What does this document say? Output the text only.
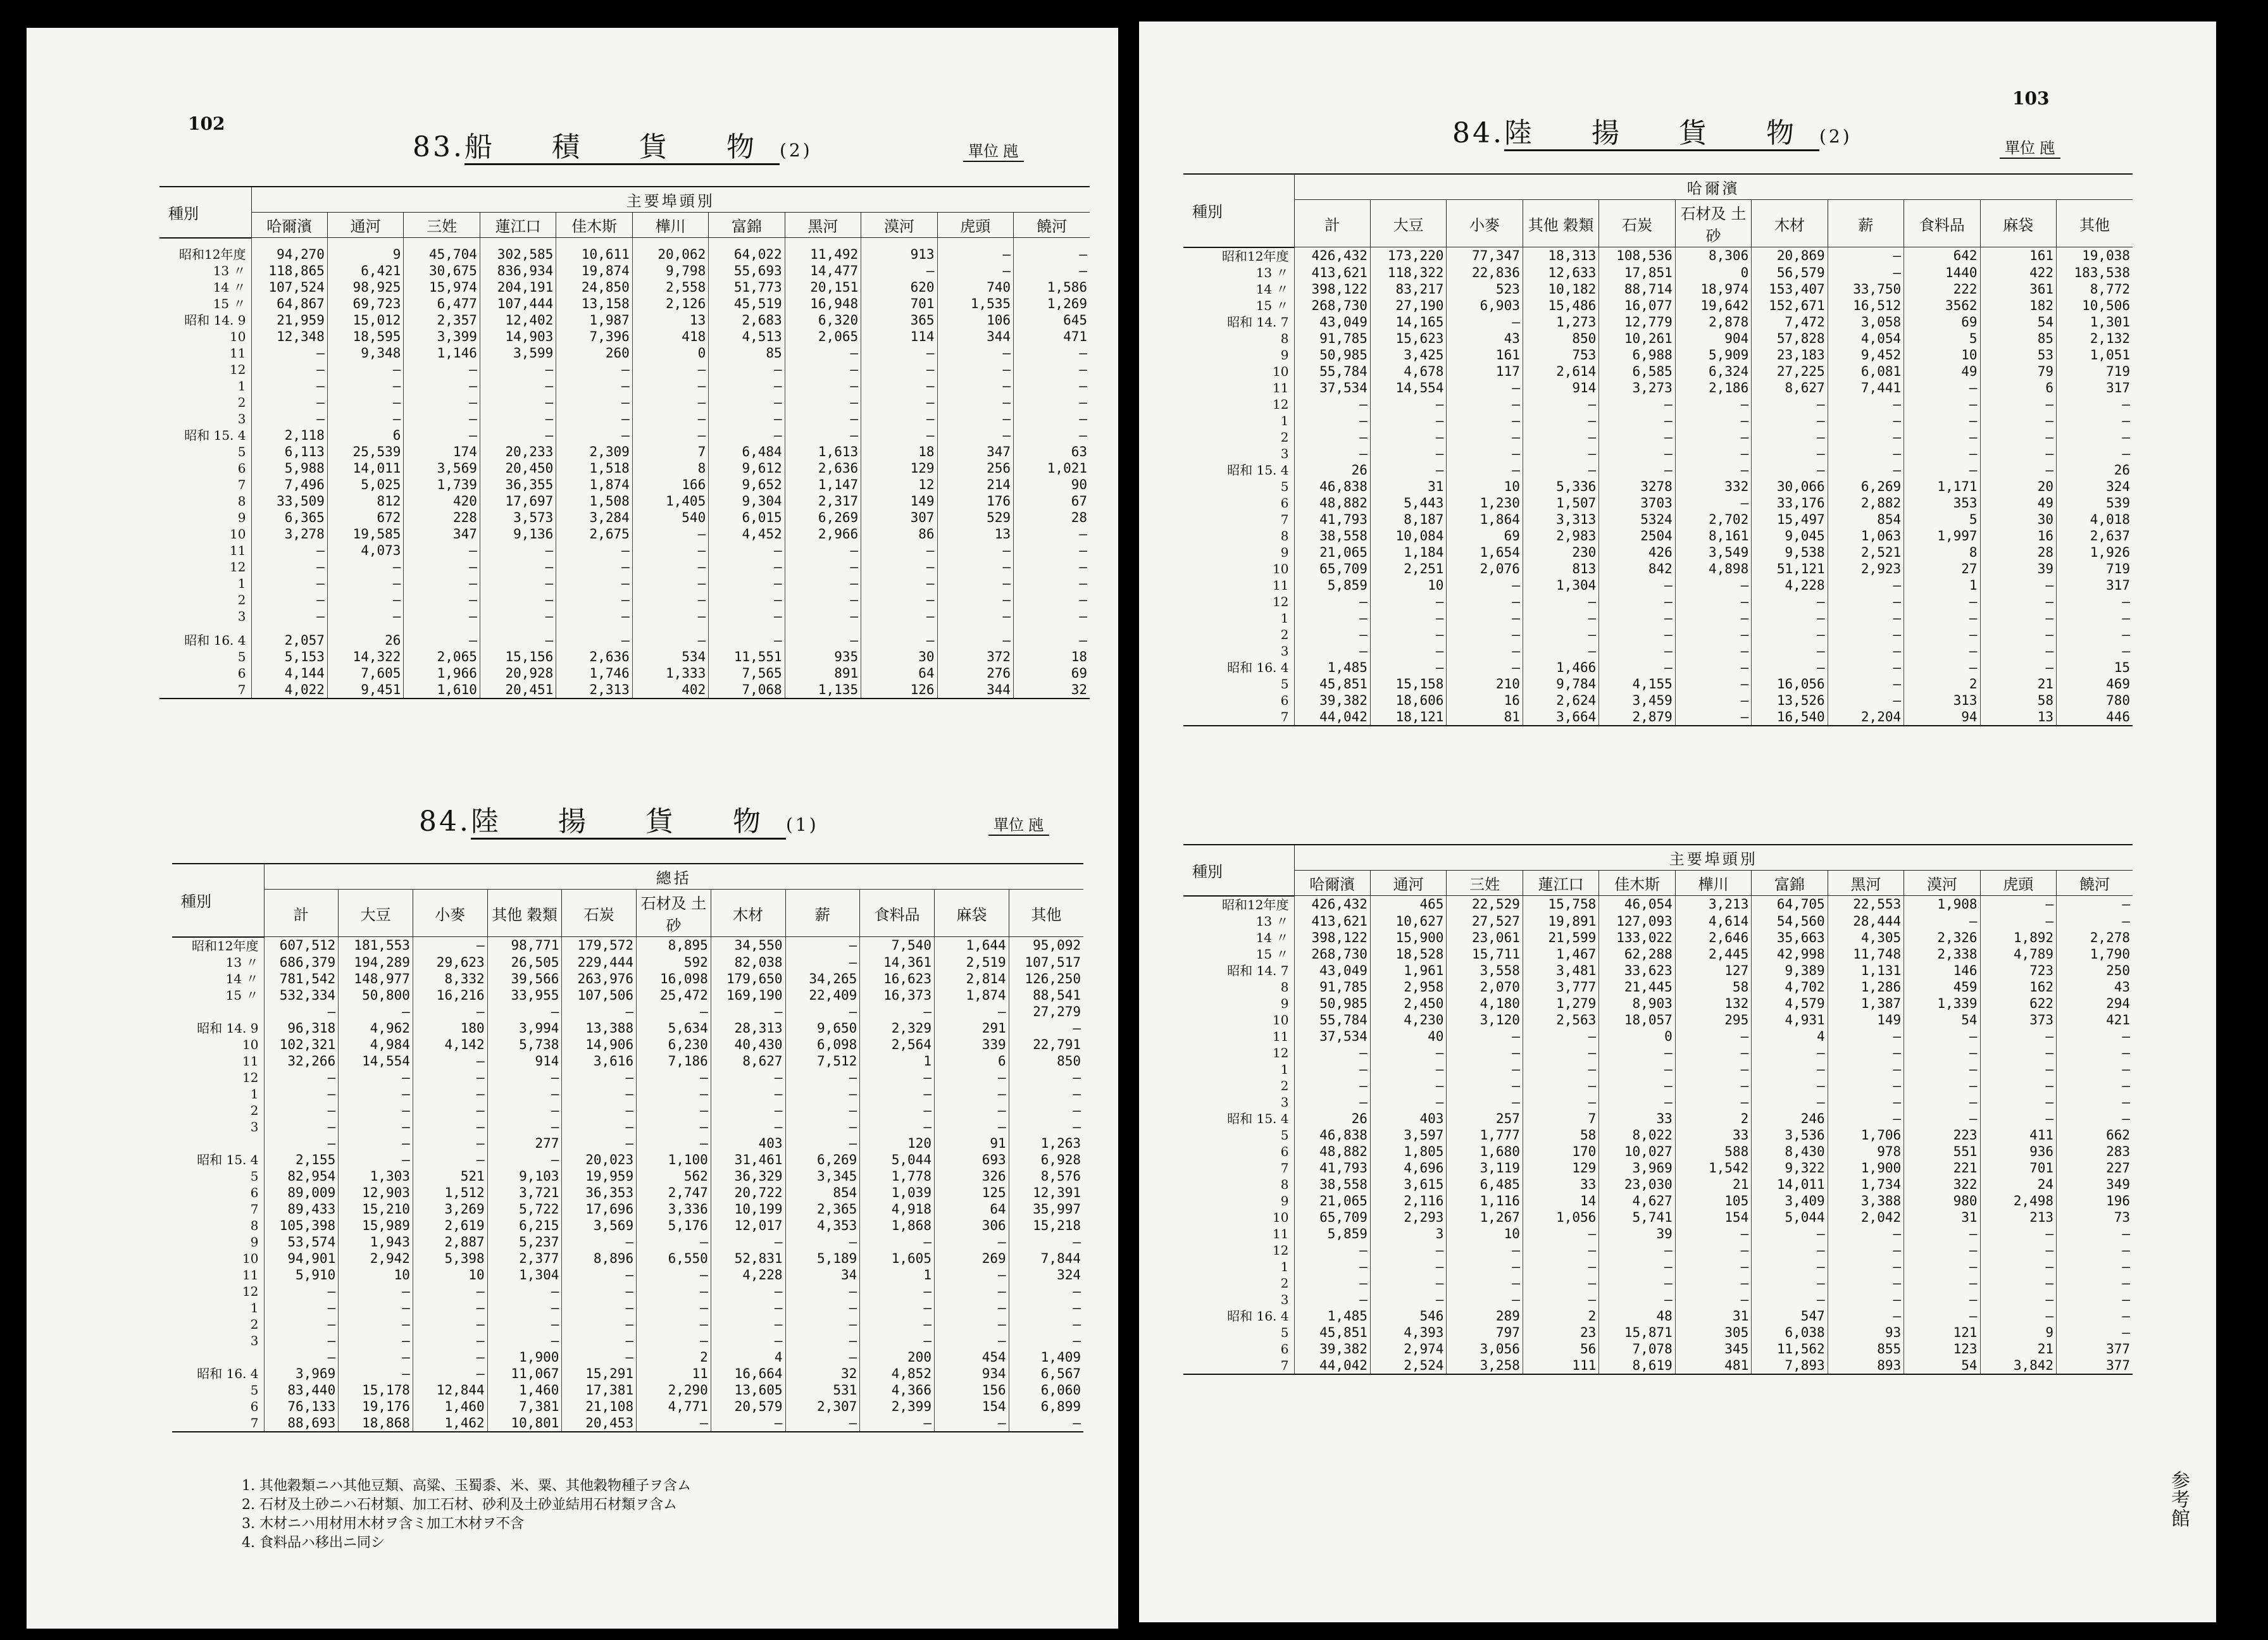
102
83.船 積 貨 物(2)	單位 瓲
種別	主要埠頭別										
	哈爾濱	通河	三姓	蓮江口	佳木斯	樺川	富錦	黑河	漠河	虎頭	饒河

昭和12年度	94,270	9	45,704	302,585	10,611	20,062	64,022	11,492	913	—	—
13 〃	118,865	6,421	30,675	836,934	19,874	9,798	55,693	14,477	—	—	—
14 〃	107,524	98,925	15,974	204,191	24,850	2,558	51,773	20,151	620	740	1,586
15 〃	64,867	69,723	6,477	107,444	13,158	2,126	45,519	16,948	701	1,535	1,269
昭和 14. 9	21,959	15,012	2,357	12,402	1,987	13	2,683	6,320	365	106	645
10	12,348	18,595	3,399	14,903	7,396	418	4,513	2,065	114	344	471
11	—	9,348	1,146	3,599	260	0	85	—	—	—	—
12	—	—	—	—	—	—	—	—	—	—	—
1	—	—	—	—	—	—	—	—	—	—	—
2	—	—	—	—	—	—	—	—	—	—	—
3	—	—	—	—	—	—	—	—	—	—	—
昭和 15. 4	2,118	6	—	—	—	—	—	—	—	—	—
5	6,113	25,539	174	20,233	2,309	7	6,484	1,613	18	347	63
6	5,988	14,011	3,569	20,450	1,518	8	9,612	2,636	129	256	1,021
7	7,496	5,025	1,739	36,355	1,874	166	9,652	1,147	12	214	90
8	33,509	812	420	17,697	1,508	1,405	9,304	2,317	149	176	67
9	6,365	672	228	3,573	3,284	540	6,015	6,269	307	529	28
10	3,278	19,585	347	9,136	2,675	—	4,452	2,966	86	13	—
11	—	4,073	—	—	—	—	—	—	—	—	—
12	—	—	—	—	—	—	—	—	—	—	—
1	—	—	—	—	—	—	—	—	—	—	—
2	—	—	—	—	—	—	—	—	—	—	—
3	—	—	—	—	—	—	—	—	—	—	—

昭和 16. 4	2,057	26	—	—	—	—	—	—	—	—	—
5	5,153	14,322	2,065	15,156	2,636	534	11,551	935	30	372	18
6	4,144	7,605	1,966	20,928	1,746	1,333	7,565	891	64	276	69
7	4,022	9,451	1,610	20,451	2,313	402	7,068	1,135	126	344	32
84.陸 揚 貨 物(1)	單位 瓲
種別	總括										
	計	大豆	小麥	其他 穀類	石炭	石材及 土砂	木材	薪	食料品	麻袋	其他
昭和12年度	607,512	181,553	—	98,771	179,572	8,895	34,550	—	7,540	1,644	95,092
13 〃	686,379	194,289	29,623	26,505	229,444	592	82,038	—	14,361	2,519	107,517
14 〃	781,542	148,977	8,332	39,566	263,976	16,098	179,650	34,265	16,623	2,814	126,250
15 〃	532,334	50,800	16,216	33,955	107,506	25,472	169,190	22,409	16,373	1,874	88,541
	—	—	—	—	—	—	—	—	—	—	27,279
昭和 14. 9	96,318	4,962	180	3,994	13,388	5,634	28,313	9,650	2,329	291	—
10	102,321	4,984	4,142	5,738	14,906	6,230	40,430	6,098	2,564	339	22,791
11	32,266	14,554	—	914	3,616	7,186	8,627	7,512	1	6	850
12	—	—	—	—	—	—	—	—	—	—	—
1	—	—	—	—	—	—	—	—	—	—	—
2	—	—	—	—	—	—	—	—	—	—	—
3	—	—	—	—	—	—	—	—	—	—	—
	—	—	—	277	—	—	403	—	120	91	1,263
昭和 15. 4	2,155	—	—	—	20,023	1,100	31,461	6,269	5,044	693	6,928
5	82,954	1,303	521	9,103	19,959	562	36,329	3,345	1,778	326	8,576
6	89,009	12,903	1,512	3,721	36,353	2,747	20,722	854	1,039	125	12,391
7	89,433	15,210	3,269	5,722	17,696	3,336	10,199	2,365	4,918	64	35,997
8	105,398	15,989	2,619	6,215	3,569	5,176	12,017	4,353	1,868	306	15,218
9	53,574	1,943	2,887	5,237	—	—	—	—	—	—	—
10	94,901	2,942	5,398	2,377	8,896	6,550	52,831	5,189	1,605	269	7,844
11	5,910	10	10	1,304	—	—	4,228	34	1	—	324
12	—	—	—	—	—	—	—	—	—	—	—
1	—	—	—	—	—	—	—	—	—	—	—
2	—	—	—	—	—	—	—	—	—	—	—
3	—	—	—	—	—	—	—	—	—	—	—
	—	—	—	1,900	—	2	4	—	200	454	1,409
昭和 16. 4	3,969	—	—	11,067	15,291	11	16,664	32	4,852	934	6,567
5	83,440	15,178	12,844	1,460	17,381	2,290	13,605	531	4,366	156	6,060
6	76,133	19,176	1,460	7,381	21,108	4,771	20,579	2,307	2,399	154	6,899
7	88,693	18,868	1,462	10,801	20,453	—	—	—	—	—	—
1. 其他穀類ニハ其他豆類、高粱、玉蜀黍、米、粟、其他穀物種子ヲ含ム
2. 石材及土砂ニハ石材類、加工石材、砂利及土砂並結用石材類ヲ含ム
3. 木材ニハ用材用木材ヲ含ミ加工木材ヲ不含
4. 食料品ハ移出ニ同シ
103
84.陸 揚 貨 物(2)
單位 瓲
種別	哈爾濱										
	計	大豆	小麥	其他 穀類	石炭	石材及 土砂	木材	薪	食料品	麻袋	其他
昭和12年度	426,432	173,220	77,347	18,313	108,536	8,306	20,869	—	642	161	19,038
13 〃	413,621	118,322	22,836	12,633	17,851	0	56,579	—	1440	422	183,538
14 〃	398,122	83,217	523	10,182	88,714	18,974	153,407	33,750	222	361	8,772
15 〃	268,730	27,190	6,903	15,486	16,077	19,642	152,671	16,512	3562	182	10,506
昭和 14. 7	43,049	14,165	—	1,273	12,779	2,878	7,472	3,058	69	54	1,301
8	91,785	15,623	43	850	10,261	904	57,828	4,054	5	85	2,132
9	50,985	3,425	161	753	6,988	5,909	23,183	9,452	10	53	1,051
10	55,784	4,678	117	2,614	6,585	6,324	27,225	6,081	49	79	719
11	37,534	14,554	—	914	3,273	2,186	8,627	7,441	—	6	317
12	—	—	—	—	—	—	—	—	—	—	—
1	—	—	—	—	—	—	—	—	—	—	—
2	—	—	—	—	—	—	—	—	—	—	—
3	—	—	—	—	—	—	—	—	—	—	—
昭和 15. 4	26	—	—	—	—	—	—	—	—	—	26
5	46,838	31	10	5,336	3278	332	30,066	6,269	1,171	20	324
6	48,882	5,443	1,230	1,507	3703	—	33,176	2,882	353	49	539
7	41,793	8,187	1,864	3,313	5324	2,702	15,497	854	5	30	4,018
8	38,558	10,084	69	2,983	2504	8,161	9,045	1,063	1,997	16	2,637
9	21,065	1,184	1,654	230	426	3,549	9,538	2,521	8	28	1,926
10	65,709	2,251	2,076	813	842	4,898	51,121	2,923	27	39	719
11	5,859	10	—	1,304	—	—	4,228	—	1	—	317
12	—	—	—	—	—	—	—	—	—	—	—
1	—	—	—	—	—	—	—	—	—	—	—
2	—	—	—	—	—	—	—	—	—	—	—
3	—	—	—	—	—	—	—	—	—	—	—
昭和 16. 4	1,485	—	—	1,466	—	—	—	—	—	—	15
5	45,851	15,158	210	9,784	4,155	—	16,056	—	2	21	469
6	39,382	18,606	16	2,624	3,459	—	13,526	—	313	58	780
7	44,042	18,121	81	3,664	2,879	—	16,540	2,204	94	13	446
種別	主要埠頭別										
	哈爾濱	通河	三姓	蓮江口	佳木斯	樺川	富錦	黑河	漠河	虎頭	饒河
昭和12年度	426,432	465	22,529	15,758	46,054	3,213	64,705	22,553	1,908	—	—
13 〃	413,621	10,627	27,527	19,891	127,093	4,614	54,560	28,444	—	—	—
14 〃	398,122	15,900	23,061	21,599	133,022	2,646	35,663	4,305	2,326	1,892	2,278
15 〃	268,730	18,528	15,711	1,467	62,288	2,445	42,998	11,748	2,338	4,789	1,790
昭和 14. 7	43,049	1,961	3,558	3,481	33,623	127	9,389	1,131	146	723	250
8	91,785	2,958	2,070	3,777	21,445	58	4,702	1,286	459	162	43
9	50,985	2,450	4,180	1,279	8,903	132	4,579	1,387	1,339	622	294
10	55,784	4,230	3,120	2,563	18,057	295	4,931	149	54	373	421
11	37,534	40	—	—	0	—	4	—	—	—	—
12	—	—	—	—	—	—	—	—	—	—	—
1	—	—	—	—	—	—	—	—	—	—	—
2	—	—	—	—	—	—	—	—	—	—	—
3	—	—	—	—	—	—	—	—	—	—	—
昭和 15. 4	26	403	257	7	33	2	246	—	—	—	—
5	46,838	3,597	1,777	58	8,022	33	3,536	1,706	223	411	662
6	48,882	1,805	1,680	170	10,027	588	8,430	978	551	936	283
7	41,793	4,696	3,119	129	3,969	1,542	9,322	1,900	221	701	227
8	38,558	3,615	6,485	33	23,030	21	14,011	1,734	322	24	349
9	21,065	2,116	1,116	14	4,627	105	3,409	3,388	980	2,498	196
10	65,709	2,293	1,267	1,056	5,741	154	5,044	2,042	31	213	73
11	5,859	3	10	—	39	—	—	—	—	—	—
12	—	—	—	—	—	—	—	—	—	—	—
1	—	—	—	—	—	—	—	—	—	—	—
2	—	—	—	—	—	—	—	—	—	—	—
3	—	—	—	—	—	—	—	—	—	—	—
昭和 16. 4	1,485	546	289	2	48	31	547	—	—	—	—
5	45,851	4,393	797	23	15,871	305	6,038	93	121	9	—
6	39,382	2,974	3,056	56	7,078	345	11,562	855	123	21	377
7	44,042	2,524	3,258	111	8,619	481	7,893	893	54	3,842	377
参考館
